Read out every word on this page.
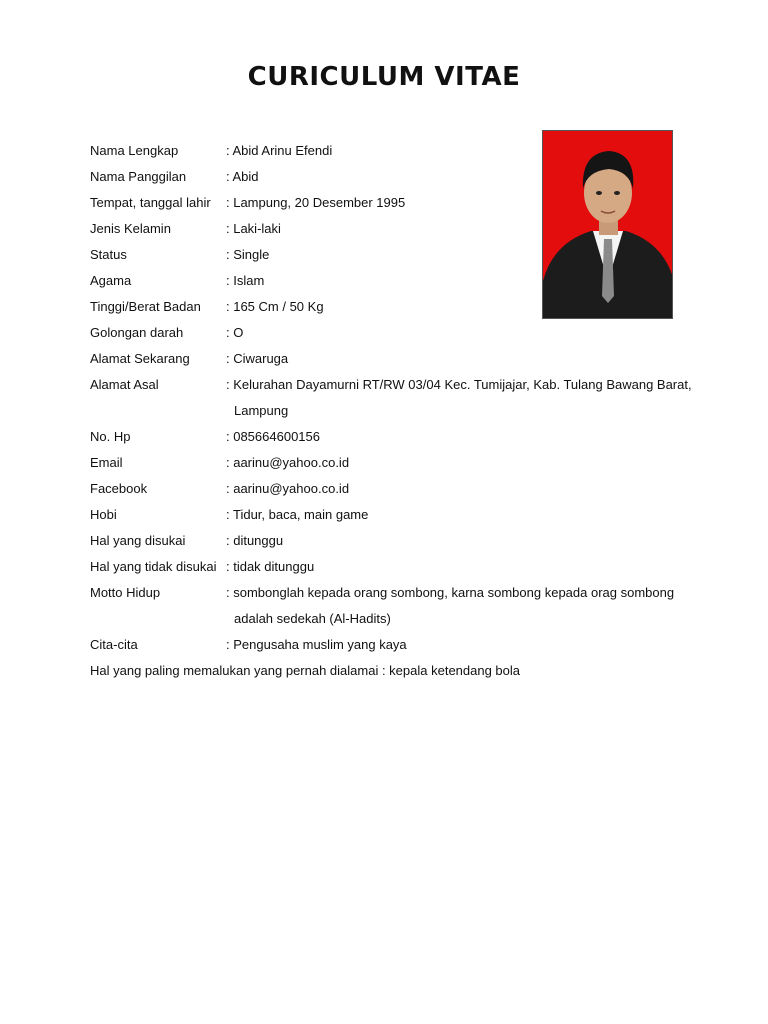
CURICULUM VITAE
Nama Lengkap	: Abid Arinu Efendi
Nama Panggilan	: Abid
Tempat, tanggal lahir : Lampung, 20 Desember 1995
Jenis Kelamin	: Laki-laki
Status	: Single
Agama	: Islam
Tinggi/Berat Badan : 165 Cm / 50 Kg
Golongan darah	: O
Alamat Sekarang	: Ciwaruga
Alamat Asal	: Kelurahan Dayamurni RT/RW 03/04 Kec. Tumijajar, Kab. Tulang Bawang Barat,
Lampung
No. Hp	: 085664600156
Email	: aarinu@yahoo.co.id
Facebook	: aarinu@yahoo.co.id
Hobi	: Tidur, baca, main game
Hal yang disukai	: ditunggu
Hal yang tidak disukai : tidak ditunggu
Motto Hidup	: sombonglah kepada orang sombong, karna sombong kepada orag sombong
adalah sedekah (Al-Hadits)
Cita-cita	: Pengusaha muslim yang kaya
Hal yang paling memalukan yang pernah dialamai : kepala ketendang bola
